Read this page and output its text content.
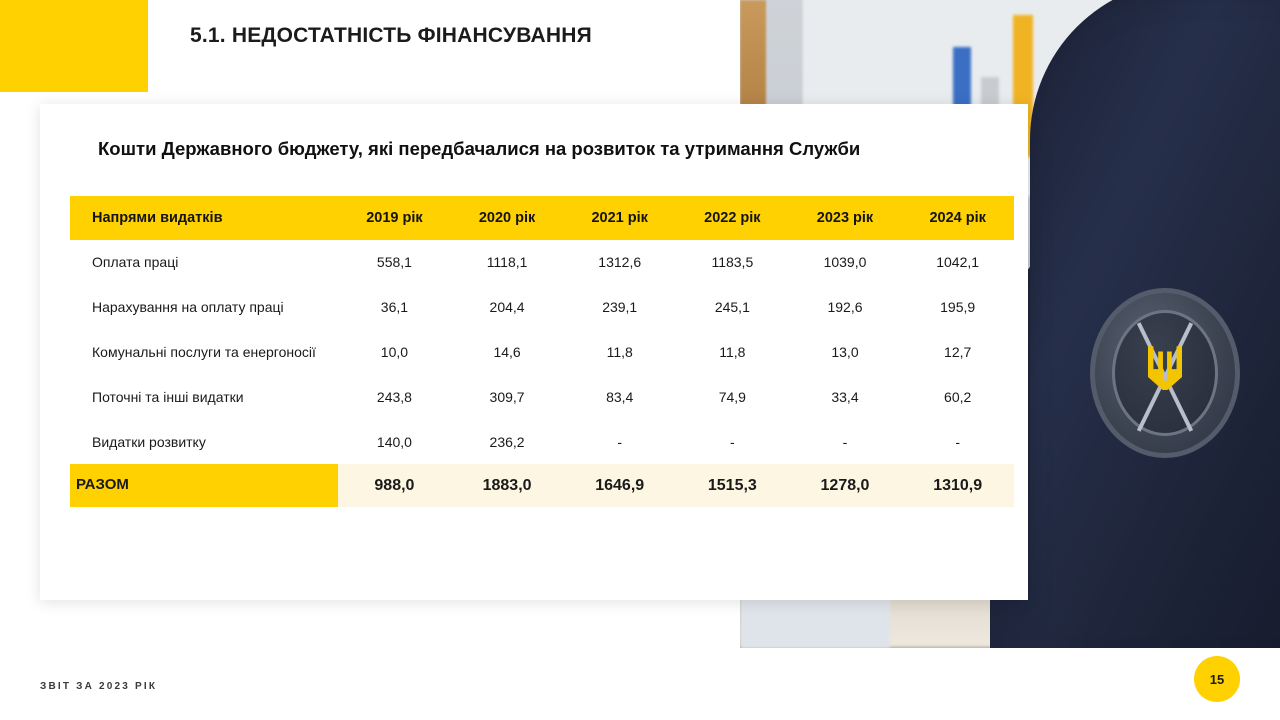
5.1. НЕДОСТАТНІСТЬ ФІНАНСУВАННЯ
Кошти Державного бюджету, які передбачалися на розвиток та утримання Служби
Напрями видатків	2019 рік	2020 рік	2021 рік	2022 рік	2023 рік	2024 рік
Оплата праці	558,1	1118,1	1312,6	1183,5	1039,0	1042,1
Нарахування на оплату праці	36,1	204,4	239,1	245,1	192,6	195,9
Комунальні послуги та енергоносії	10,0	14,6	11,8	11,8	13,0	12,7
Поточні та інші видатки	243,8	309,7	83,4	74,9	33,4	60,2
Видатки розвитку	140,0	236,2	-	-	-	-
РАЗОМ	988,0	1883,0	1646,9	1515,3	1278,0	1310,9
ЗВІТ ЗА 2023 РІК	15
